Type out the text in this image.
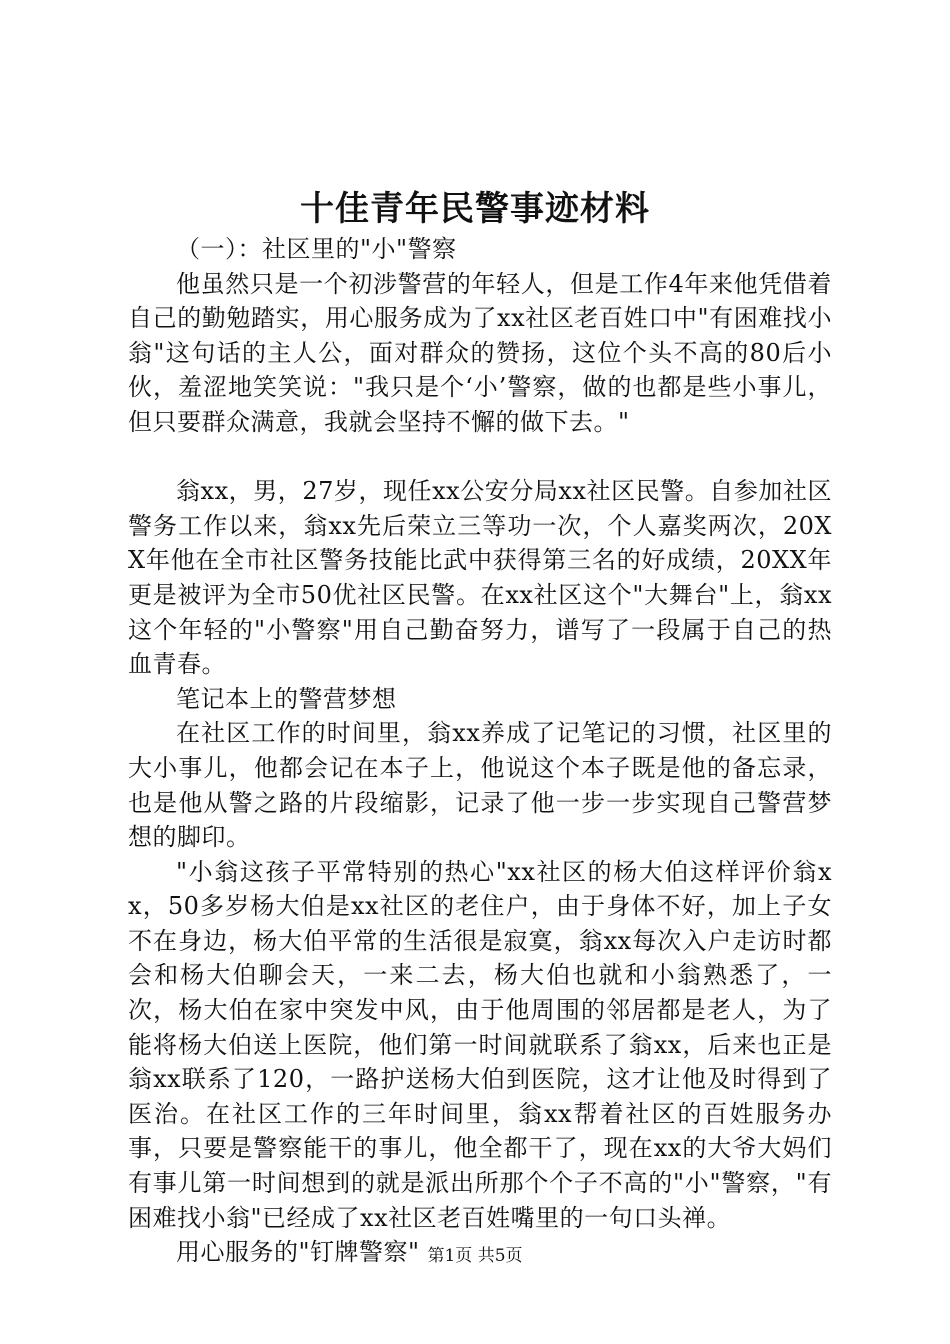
十佳青年民警事迹材料

（一）：社区里的"小"警察

他虽然只是一个初涉警营的年轻人，但是工作4年来他凭借着自己的勤勉踏实，用心服务成为了xx社区老百姓口中"有困难找小翁"这句话的主人公，面对群众的赞扬，这位个头不高的80后小伙，羞涩地笑笑说："我只是个‘小’警察，做的也都是些小事儿，但只要群众满意，我就会坚持不懈的做下去。"

翁xx，男，27岁，现任xx公安分局xx社区民警。自参加社区警务工作以来，翁xx先后荣立三等功一次，个人嘉奖两次，20XX年他在全市社区警务技能比武中获得第三名的好成绩，20XX年更是被评为全市50优社区民警。在xx社区这个"大舞台"上，翁xx这个年轻的"小警察"用自己勤奋努力，谱写了一段属于自己的热血青春。

笔记本上的警营梦想

在社区工作的时间里，翁xx养成了记笔记的习惯，社区里的大小事儿，他都会记在本子上，他说这个本子既是他的备忘录，也是他从警之路的片段缩影，记录了他一步一步实现自己警营梦想的脚印。

"小翁这孩子平常特别的热心"xx社区的杨大伯这样评价翁xx，50多岁杨大伯是xx社区的老住户，由于身体不好，加上子女不在身边，杨大伯平常的生活很是寂寞，翁xx每次入户走访时都会和杨大伯聊会天，一来二去，杨大伯也就和小翁熟悉了，一次，杨大伯在家中突发中风，由于他周围的邻居都是老人，为了能将杨大伯送上医院，他们第一时间就联系了翁xx，后来也正是翁xx联系了120，一路护送杨大伯到医院，这才让他及时得到了医治。在社区工作的三年时间里，翁xx帮着社区的百姓服务办事，只要是警察能干的事儿，他全都干了，现在xx的大爷大妈们有事儿第一时间想到的就是派出所那个个子不高的"小"警察，"有困难找小翁"已经成了xx社区老百姓嘴里的一句口头禅。

用心服务的"钉牌警察" 第1页 共5页
